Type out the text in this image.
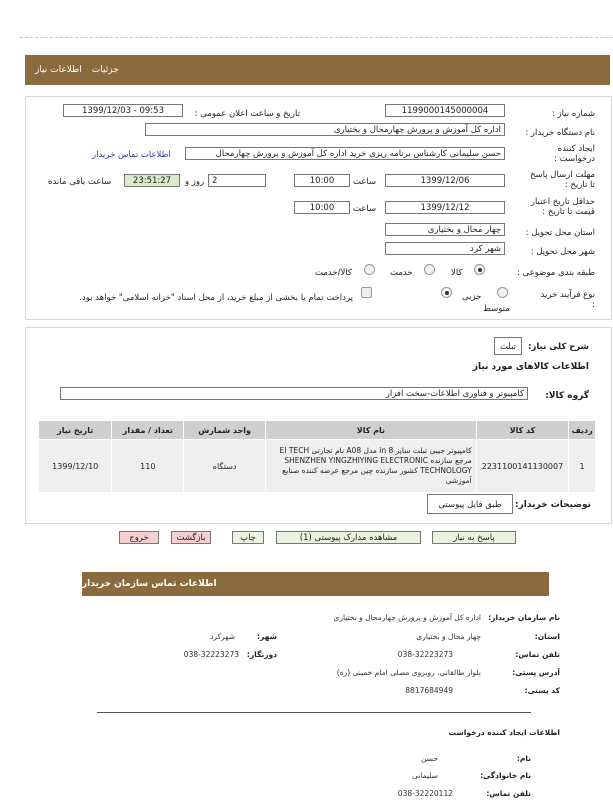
جزئیات
اطلاعات نیاز
شماره نیاز :
1199000145000004
تاریخ و ساعت اعلان عمومی :
1399/12/03 - 09:53
نام دستگاه خریدار :
اداره کل آموزش و پرورش چهارمحال و بختیاری
ایجاد کننده درخواست :
حسن سلیمانی کارشناس برنامه ریزی خرید اداره کل آموزش و پرورش چهارمحال
اطلاعات تماس خریدار
مهلت ارسال پاسخ تا تاریخ :
1399/12/06
ساعت
10:00
2
روز و
23:51:27
ساعت باقی مانده
حداقل تاریخ اعتبار قیمت تا تاریخ :
1399/12/12
ساعت
10:00
استان محل تحویل :
چهار محال و بختیاری
شهر محل تحویل :
شهر کرد
طبقه بندی موضوعی :
کالا
خدمت
کالا/خدمت
نوع فرآیند خرید :
جزیی
متوسط
پرداخت تمام یا بخشی از مبلغ خرید، از محل اسناد "خزانه اسلامی" خواهد بود.
شرح کلی نیاز:
تبلت
اطلاعات کالاهای مورد نیاز
گروه کالا:
کامپیوتر و فناوری اطلاعات-سخت افزار
ردیف	کد کالا	نام کالا	واحد شمارش	تعداد / مقدار	تاریخ نیاز
1	2231100141130007	کامپیوتر جیبی تبلت سایز 8 in مدل A08 نام تجارتی EI TECH مرجع سازنده SHENZHEN YINGZHIYING ELECTRONIC TECHNOLOGY کشور سازنده چین مرجع عرضه کننده صنایع آموزشی	دستگاه	110	1399/12/10
توضیحات خریدار:
طبق فایل پیوستی
پاسخ به نیاز
مشاهده مدارک پیوستی (1)
چاپ
بازگشت
خروج
اطلاعات تماس سازمان خریدار
نام سازمان خریدار:
اداره کل آموزش و پرورش چهارمحال و بختیاری
استان:
چهار محال و بختیاری
شهر:
شهرکرد
تلفن تماس:
038-32223273
دورنگار:
038-32223273
آدرس پستی:
بلوار طالقانی، روبروی مصلی امام خمینی (ره)
کد پستی:
8817684949
اطلاعات ایجاد کننده درخواست
نام:
حسن
نام خانوادگی:
سلیمانی
تلفن تماس:
038-32220112
